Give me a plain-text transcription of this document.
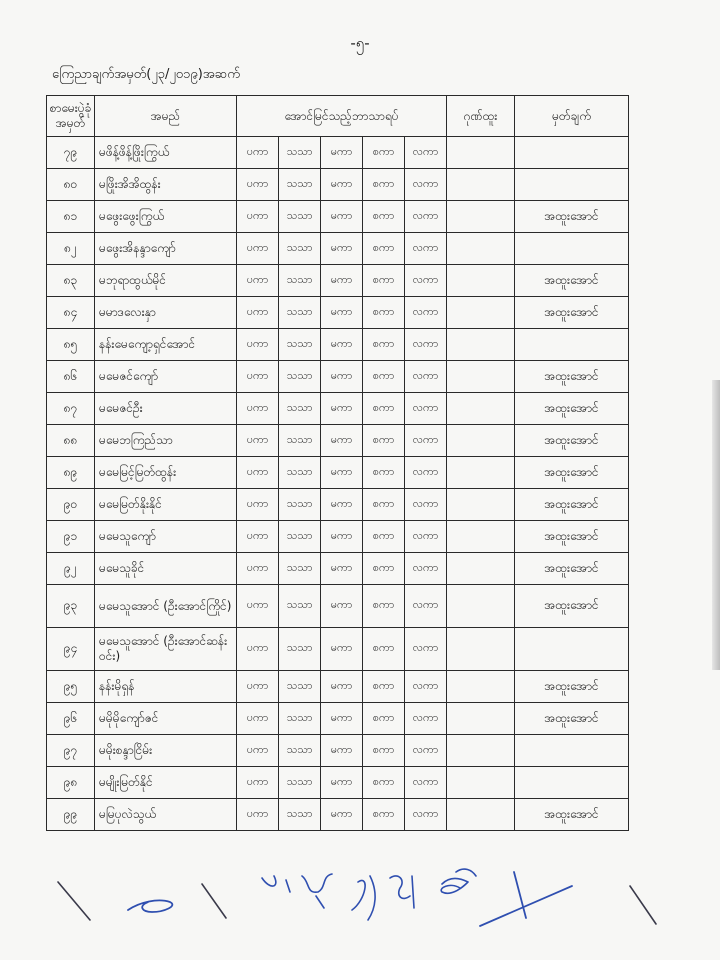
-၅-
ကြေညာချက်အမှတ်(၂၃/၂၀၁၉)အဆက်
စာမေးပွဲခုံအမှတ်	အမည်	အောင်မြင်သည့်ဘာသာရပ်					ဂုဏ်ထူး	မှတ်ချက်
၇၉	မဖိန့်ဖိန့်ဖြိုးကြွယ်	ပကာ	သသာ	မကာ	စကာ	လကာ		
၈၀	မဖြိုးအိအိထွန်း	ပကာ	သသာ	မကာ	စကာ	လကာ		
၈၁	မဖွေးဖွေးကြွယ်	ပကာ	သသာ	မကာ	စကာ	လကာ		အထူးအောင်
၈၂	မဖွေးအိနန္ဒာကျော်	ပကာ	သသာ	မကာ	စကာ	လကာ		
၈၃	မဘုရာထွယ်မိုင်	ပကာ	သသာ	မကာ	စကာ	လကာ		အထူးအောင်
၈၄	မမာဒလေးနှာ	ပကာ	သသာ	မကာ	စကာ	လကာ		အထူးအောင်
၈၅	နန်းမေကျော့ရှင်အောင်	ပကာ	သသာ	မကာ	စကာ	လကာ		
၈၆	မမေဇင်ကျော်	ပကာ	သသာ	မကာ	စကာ	လကာ		အထူးအောင်
၈၇	မမေဇင်ဦး	ပကာ	သသာ	မကာ	စကာ	လကာ		အထူးအောင်
၈၈	မမေဘကြည်သာ	ပကာ	သသာ	မကာ	စကာ	လကာ		အထူးအောင်
၈၉	မမေမြင့်မြတ်ထွန်း	ပကာ	သသာ	မကာ	စကာ	လကာ		အထူးအောင်
၉၀	မမေမြတ်နိုးနိုင်	ပကာ	သသာ	မကာ	စကာ	လကာ		အထူးအောင်
၉၁	မမေသူကျော်	ပကာ	သသာ	မကာ	စကာ	လကာ		အထူးအောင်
၉၂	မမေသူခိုင်	ပကာ	သသာ	မကာ	စကာ	လကာ		အထူးအောင်
၉၃	မမေသူအောင် (ဦးအောင်ကြိုင်)	ပကာ	သသာ	မကာ	စကာ	လကာ		အထူးအောင်
၉၄	မမေသူအောင် (ဦးအောင်ဆန်းဝင်း)	ပကာ	သသာ	မကာ	စကာ	လကာ		
၉၅	နန်းမိုရှန်	ပကာ	သသာ	မကာ	စကာ	လကာ		အထူးအောင်
၉၆	မမိုမိုကျော်ဇင်	ပကာ	သသာ	မကာ	စကာ	လကာ		အထူးအောင်
၉၇	မမိုးစန္ဒာငြိမ်း	ပကာ	သသာ	မကာ	စကာ	လကာ		
၉၈	မမျိုးမြတ်နိုင်	ပကာ	သသာ	မကာ	စကာ	လကာ		
၉၉	မမြပုလဲသွယ်	ပကာ	သသာ	မကာ	စကာ	လကာ		အထူးအောင်
